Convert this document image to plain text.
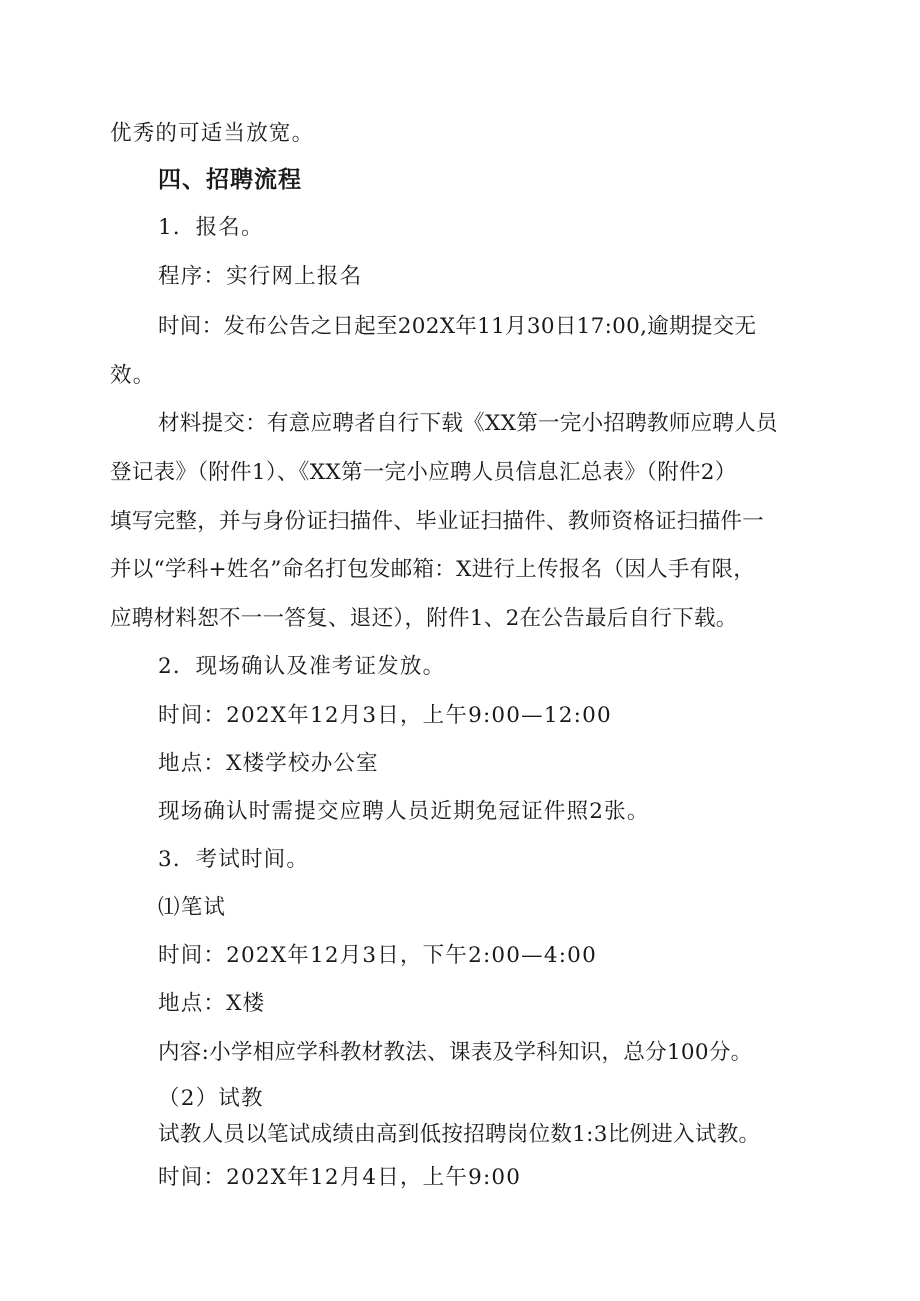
优秀的可适当放宽。
四、招聘流程
1．报名。
程序：实行网上报名
时间：发布公告之日起至202X年11月30日17:00,逾期提交无
效。
材料提交：有意应聘者自行下载《XX第一完小招聘教师应聘人员
登记表》（附件1）、《XX第一完小应聘人员信息汇总表》（附件2）
填写完整，并与身份证扫描件、毕业证扫描件、教师资格证扫描件一
并以“学科+姓名”命名打包发邮箱：X进行上传报名（因人手有限，
应聘材料恕不一一答复、退还），附件1、2在公告最后自行下载。
2．现场确认及准考证发放。
时间：202X年12月3日，上午9:00—12:00
地点：X楼学校办公室
现场确认时需提交应聘人员近期免冠证件照2张。
3．考试时间。
⑴笔试
时间：202X年12月3日，下午2:00—4:00
地点：X楼
内容:小学相应学科教材教法、课表及学科知识，总分100分。
（2）试教
试教人员以笔试成绩由高到低按招聘岗位数1:3比例进入试教。
时间：202X年12月4日，上午9:00
